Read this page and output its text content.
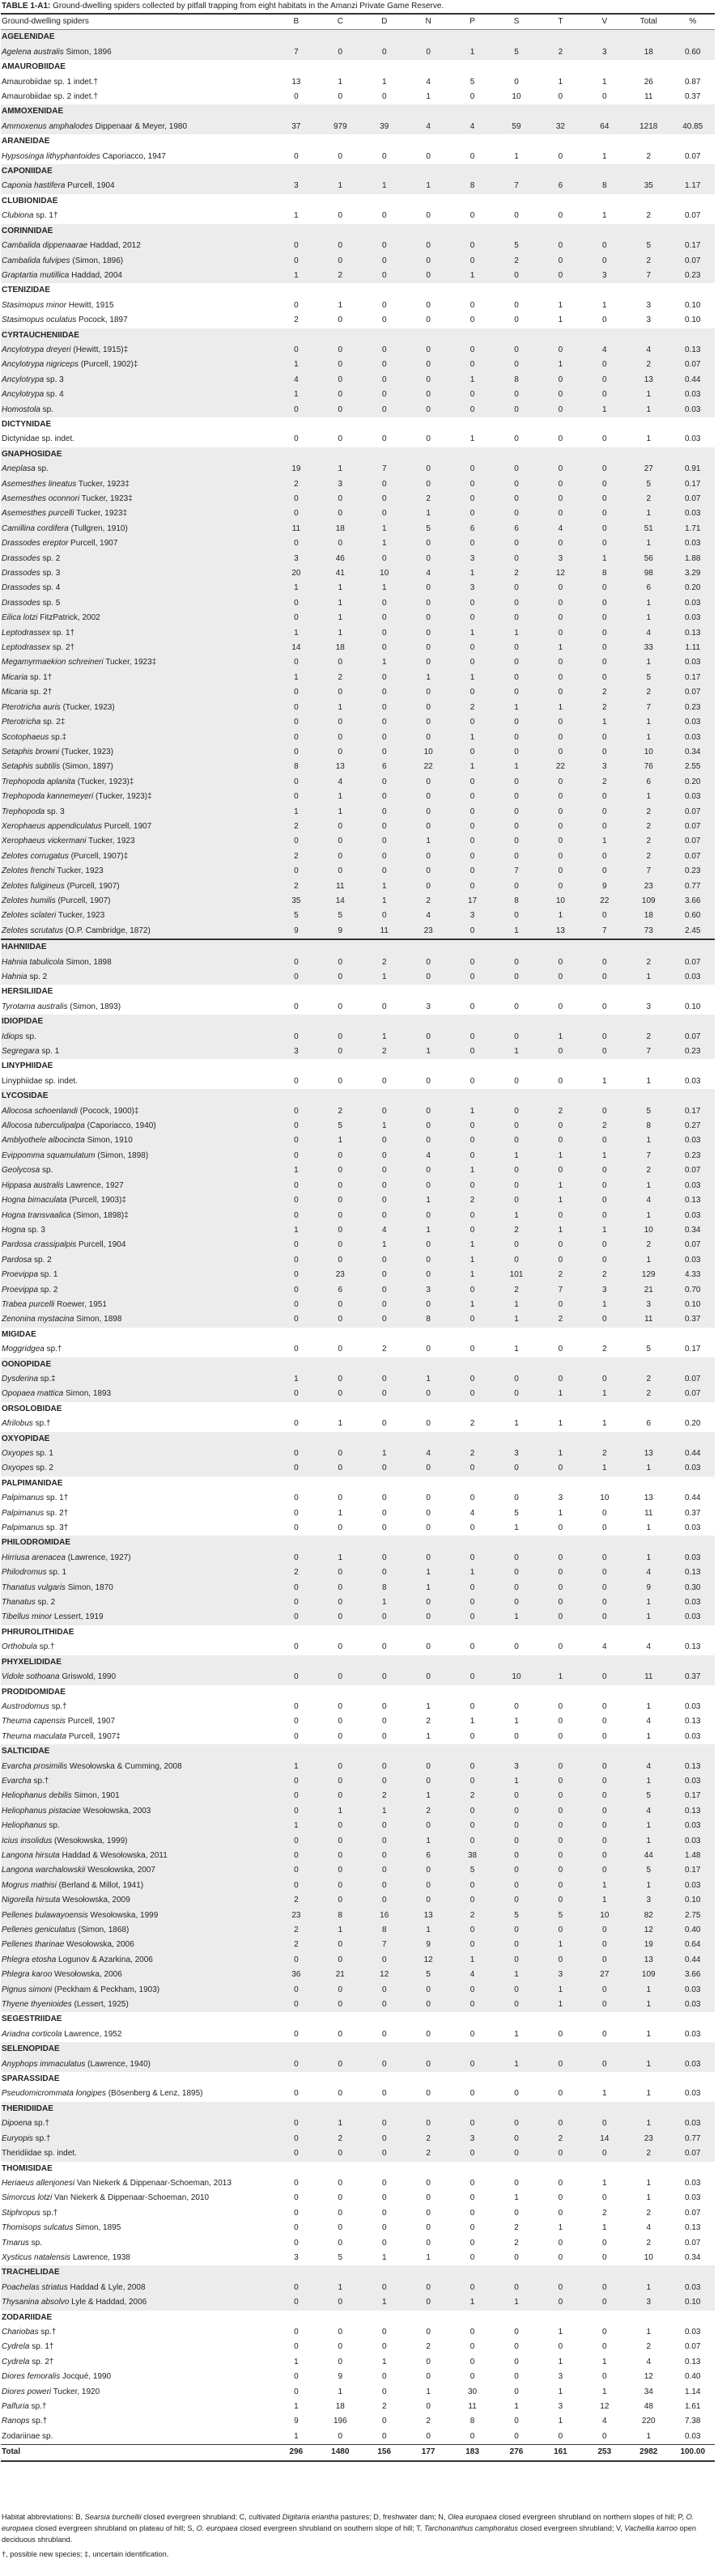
TABLE 1-A1: Ground-dwelling spiders collected by pitfall trapping from eight habitats in the Amanzi Private Game Reserve.
Ground-dwelling spiders	B	C	D	N	P	S	T	V	Total	%
AGELENIDAE										
Agelena australis Simon, 1896	7	0	0	0	1	5	2	3	18	0.60
AMAUROBIIDAE										
Amaurobiidae sp. 1 indet.†	13	1	1	4	5	0	1	1	26	0.87
Amaurobiidae sp. 2 indet.†	0	0	0	1	0	10	0	0	11	0.37
AMMOXENIDAE										
Ammoxenus amphalodes Dippenaar & Meyer, 1980	37	979	39	4	4	59	32	64	1218	40.85
ARANEIDAE										
Hypsosinga lithyphantoides Caporiacco, 1947	0	0	0	0	0	1	0	1	2	0.07
CAPONIIDAE										
Caponia hastifera Purcell, 1904	3	1	1	1	8	7	6	8	35	1.17
CLUBIONIDAE										
Clubiona sp. 1†	1	0	0	0	0	0	0	1	2	0.07
CORINNIDAE										
Cambalida dippenaarae Haddad, 2012	0	0	0	0	0	5	0	0	5	0.17
Cambalida fulvipes (Simon, 1896)	0	0	0	0	0	2	0	0	2	0.07
Graptartia mutillica Haddad, 2004	1	2	0	0	1	0	0	3	7	0.23
CTENIZIDAE										
Stasimopus minor Hewitt, 1915	0	1	0	0	0	0	1	1	3	0.10
Stasimopus oculatus Pocock, 1897	2	0	0	0	0	0	1	0	3	0.10
CYRTAUCHENIIDAE										
Ancylotrypa dreyeri (Hewitt, 1915)‡	0	0	0	0	0	0	0	4	4	0.13
Ancylotrypa nigriceps (Purcell, 1902)‡	1	0	0	0	0	0	1	0	2	0.07
Ancylotrypa sp. 3	4	0	0	0	1	8	0	0	13	0.44
Ancylotrypa sp. 4	1	0	0	0	0	0	0	0	1	0.03
Homostola sp.	0	0	0	0	0	0	0	1	1	0.03
DICTYNIDAE										
Dictynidae sp. indet.	0	0	0	0	1	0	0	0	1	0.03
GNAPHOSIDAE										
Aneplasa sp.	19	1	7	0	0	0	0	0	27	0.91
Asemesthes lineatus Tucker, 1923‡	2	3	0	0	0	0	0	0	5	0.17
Asemesthes oconnori Tucker, 1923‡	0	0	0	2	0	0	0	0	2	0.07
Asemesthes purcelli Tucker, 1923‡	0	0	0	1	0	0	0	0	1	0.03
Camillina cordifera (Tullgren, 1910)	11	18	1	5	6	6	4	0	51	1.71
Drassodes ereptor Purcell, 1907	0	0	1	0	0	0	0	0	1	0.03
Drassodes sp. 2	3	46	0	0	3	0	3	1	56	1.88
Drassodes sp. 3	20	41	10	4	1	2	12	8	98	3.29
Drassodes sp. 4	1	1	1	0	3	0	0	0	6	0.20
Drassodes sp. 5	0	1	0	0	0	0	0	0	1	0.03
Eilica lotzi FitzPatrick, 2002	0	1	0	0	0	0	0	0	1	0.03
Leptodrassex sp. 1†	1	1	0	0	1	1	0	0	4	0.13
Leptodrassex sp. 2†	14	18	0	0	0	0	1	0	33	1.11
Megamyrmaekion schreineri Tucker, 1923‡	0	0	1	0	0	0	0	0	1	0.03
Micaria sp. 1†	1	2	0	1	1	0	0	0	5	0.17
Micaria sp. 2†	0	0	0	0	0	0	0	2	2	0.07
Pterotricha auris (Tucker, 1923)	0	1	0	0	2	1	1	2	7	0.23
Pterotricha sp. 2‡	0	0	0	0	0	0	0	1	1	0.03
Scotophaeus sp.‡	0	0	0	0	1	0	0	0	1	0.03
Setaphis browni (Tucker, 1923)	0	0	0	10	0	0	0	0	10	0.34
Setaphis subtilis (Simon, 1897)	8	13	6	22	1	1	22	3	76	2.55
Trephopoda aplanita (Tucker, 1923)‡	0	4	0	0	0	0	0	2	6	0.20
Trephopoda kannemeyeri (Tucker, 1923)‡	0	1	0	0	0	0	0	0	1	0.03
Trephopoda sp. 3	1	1	0	0	0	0	0	0	2	0.07
Xerophaeus appendiculatus Purcell, 1907	2	0	0	0	0	0	0	0	2	0.07
Xerophaeus vickermani Tucker, 1923	0	0	0	1	0	0	0	1	2	0.07
Zelotes corrugatus (Purcell, 1907)‡	2	0	0	0	0	0	0	0	2	0.07
Zelotes frenchi Tucker, 1923	0	0	0	0	0	7	0	0	7	0.23
Zelotes fuligineus (Purcell, 1907)	2	11	1	0	0	0	0	9	23	0.77
Zelotes humilis (Purcell, 1907)	35	14	1	2	17	8	10	22	109	3.66
Zelotes sclateri Tucker, 1923	5	5	0	4	3	0	1	0	18	0.60
Zelotes scrutatus (O.P. Cambridge, 1872)	9	9	11	23	0	1	13	7	73	2.45
HAHNIIDAE										
Hahnia tabulicola Simon, 1898	0	0	2	0	0	0	0	0	2	0.07
Hahnia sp. 2	0	0	1	0	0	0	0	0	1	0.03
HERSILIIDAE										
Tyrotama australis (Simon, 1893)	0	0	0	3	0	0	0	0	3	0.10
IDIOPIDAE										
Idiops sp.	0	0	1	0	0	0	1	0	2	0.07
Segregara sp. 1	3	0	2	1	0	1	0	0	7	0.23
LINYPHIIDAE										
Linyphiidae sp. indet.	0	0	0	0	0	0	0	1	1	0.03
LYCOSIDAE										
Allocosa schoenlandi (Pocock, 1900)‡	0	2	0	0	1	0	2	0	5	0.17
Allocosa tuberculipalpa (Caporiacco, 1940)	0	5	1	0	0	0	0	2	8	0.27
Amblyothele albocincta Simon, 1910	0	1	0	0	0	0	0	0	1	0.03
Evippomma squamulatum (Simon, 1898)	0	0	0	4	0	1	1	1	7	0.23
Geolycosa sp.	1	0	0	0	1	0	0	0	2	0.07
Hippasa australis Lawrence, 1927	0	0	0	0	0	0	1	0	1	0.03
Hogna bimaculata (Purcell, 1903)‡	0	0	0	1	2	0	1	0	4	0.13
Hogna transvaalica (Simon, 1898)‡	0	0	0	0	0	1	0	0	1	0.03
Hogna sp. 3	1	0	4	1	0	2	1	1	10	0.34
Pardosa crassipalpis Purcell, 1904	0	0	1	0	1	0	0	0	2	0.07
Pardosa sp. 2	0	0	0	0	1	0	0	0	1	0.03
Proevippa sp. 1	0	23	0	0	1	101	2	2	129	4.33
Proevippa sp. 2	0	6	0	3	0	2	7	3	21	0.70
Trabea purcelli Roewer, 1951	0	0	0	0	1	1	0	1	3	0.10
Zenonina mystacina Simon, 1898	0	0	0	8	0	1	2	0	11	0.37
MIGIDAE										
Moggridgea sp.†	0	0	2	0	0	1	0	2	5	0.17
OONOPIDAE										
Dysderina sp.‡	1	0	0	1	0	0	0	0	2	0.07
Opopaea mattica Simon, 1893	0	0	0	0	0	0	1	1	2	0.07
ORSOLOBIDAE										
Afrilobus sp.†	0	1	0	0	2	1	1	1	6	0.20
OXYOPIDAE										
Oxyopes sp. 1	0	0	1	4	2	3	1	2	13	0.44
Oxyopes sp. 2	0	0	0	0	0	0	0	1	1	0.03
PALPIMANIDAE										
Palpimanus sp. 1†	0	0	0	0	0	0	3	10	13	0.44
Palpimanus sp. 2†	0	1	0	0	4	5	1	0	11	0.37
Palpimanus sp. 3†	0	0	0	0	0	1	0	0	1	0.03
PHILODROMIDAE										
Hirriusa arenacea (Lawrence, 1927)	0	1	0	0	0	0	0	0	1	0.03
Philodromus sp. 1	2	0	0	1	1	0	0	0	4	0.13
Thanatus vulgaris Simon, 1870	0	0	8	1	0	0	0	0	9	0.30
Thanatus sp. 2	0	0	1	0	0	0	0	0	1	0.03
Tibellus minor Lessert, 1919	0	0	0	0	0	1	0	0	1	0.03
PHRUROLITHIDAE										
Orthobula sp.†	0	0	0	0	0	0	0	4	4	0.13
PHYXELIDIDAE										
Vidole sothoana Griswold, 1990	0	0	0	0	0	10	1	0	11	0.37
PRODIDOMIDAE										
Austrodomus sp.†	0	0	0	1	0	0	0	0	1	0.03
Theuma capensis Purcell, 1907	0	0	0	2	1	1	0	0	4	0.13
Theuma maculata Purcell, 1907‡	0	0	0	1	0	0	0	0	1	0.03
SALTICIDAE										
Evarcha prosimilis Wesołowska & Cumming, 2008	1	0	0	0	0	3	0	0	4	0.13
Evarcha sp.†	0	0	0	0	0	1	0	0	1	0.03
Heliophanus debilis Simon, 1901	0	0	2	1	2	0	0	0	5	0.17
Heliophanus pistaciae Wesołowska, 2003	0	1	1	2	0	0	0	0	4	0.13
Heliophanus sp.	1	0	0	0	0	0	0	0	1	0.03
Icius insolidus (Wesołowska, 1999)	0	0	0	1	0	0	0	0	1	0.03
Langona hirsuta Haddad & Wesołowska, 2011	0	0	0	6	38	0	0	0	44	1.48
Langona warchalowskii Wesołowska, 2007	0	0	0	0	5	0	0	0	5	0.17
Mogrus mathisi (Berland & Millot, 1941)	0	0	0	0	0	0	0	1	1	0.03
Nigorella hirsuta Wesołowska, 2009	2	0	0	0	0	0	0	1	3	0.10
Pellenes bulawayoensis Wesołowska, 1999	23	8	16	13	2	5	5	10	82	2.75
Pellenes geniculatus (Simon, 1868)	2	1	8	1	0	0	0	0	12	0.40
Pellenes tharinae Wesołowska, 2006	2	0	7	9	0	0	1	0	19	0.64
Phlegra etosha Logunov & Azarkina, 2006	0	0	0	12	1	0	0	0	13	0.44
Phlegra karoo Wesołowska, 2006	36	21	12	5	4	1	3	27	109	3.66
Pignus simoni (Peckham & Peckham, 1903)	0	0	0	0	0	0	1	0	1	0.03
Thyene thyenioides (Lessert, 1925)	0	0	0	0	0	0	1	0	1	0.03
SEGESTRIIDAE										
Ariadna corticola Lawrence, 1952	0	0	0	0	0	1	0	0	1	0.03
SELENOPIDAE										
Anyphops immaculatus (Lawrence, 1940)	0	0	0	0	0	1	0	0	1	0.03
SPARASSIDAE										
Pseudomicrommata longipes (Bösenberg & Lenz, 1895)	0	0	0	0	0	0	0	1	1	0.03
THERIDIIDAE										
Dipoena sp.†	0	1	0	0	0	0	0	0	1	0.03
Euryopis sp.†	0	2	0	2	3	0	2	14	23	0.77
Theridiidae sp. indet.	0	0	0	2	0	0	0	0	2	0.07
THOMISIDAE										
Heriaeus allenjonesi Van Niekerk & Dippenaar-Schoeman, 2013	0	0	0	0	0	0	0	1	1	0.03
Simorcus lotzi Van Niekerk & Dippenaar-Schoeman, 2010	0	0	0	0	0	1	0	0	1	0.03
Stiphropus sp.†	0	0	0	0	0	0	0	2	2	0.07
Thomisops sulcatus Simon, 1895	0	0	0	0	0	2	1	1	4	0.13
Tmarus sp.	0	0	0	0	0	2	0	0	2	0.07
Xysticus natalensis Lawrence, 1938	3	5	1	1	0	0	0	0	10	0.34
TRACHELIDAE										
Poachelas striatus Haddad & Lyle, 2008	0	1	0	0	0	0	0	0	1	0.03
Thysanina absolvo Lyle & Haddad, 2006	0	0	1	0	1	1	0	0	3	0.10
ZODARIIDAE										
Chariobas sp.†	0	0	0	0	0	0	1	0	1	0.03
Cydrela sp. 1†	0	0	0	2	0	0	0	0	2	0.07
Cydrela sp. 2†	1	0	1	0	0	0	1	1	4	0.13
Diores femoralis Jocqué, 1990	0	9	0	0	0	0	3	0	12	0.40
Diores poweri Tucker, 1920	0	1	0	1	30	0	1	1	34	1.14
Palfuria sp.†	1	18	2	0	11	1	3	12	48	1.61
Ranops sp.†	9	196	0	2	8	0	1	4	220	7.38
Zodariinae sp.	1	0	0	0	0	0	0	0	1	0.03
Total	296	1480	156	177	183	276	161	253	2982	100.00

Habitat abbreviations: B, Searsia burchellii closed evergreen shrubland; C, cultivated Digitaria eriantha pastures; D, freshwater dam; N, Olea europaea closed evergreen shrubland on northern slopes of hill; P, O. europaea closed evergreen shrubland on plateau of hill; S, O. europaea closed evergreen shrubland on southern slope of hill; T, Tarchonanthus camphoratus closed evergreen shrubland; V, Vachellia karroo open deciduous shrubland.

†, possible new species; ‡, uncertain identification.
